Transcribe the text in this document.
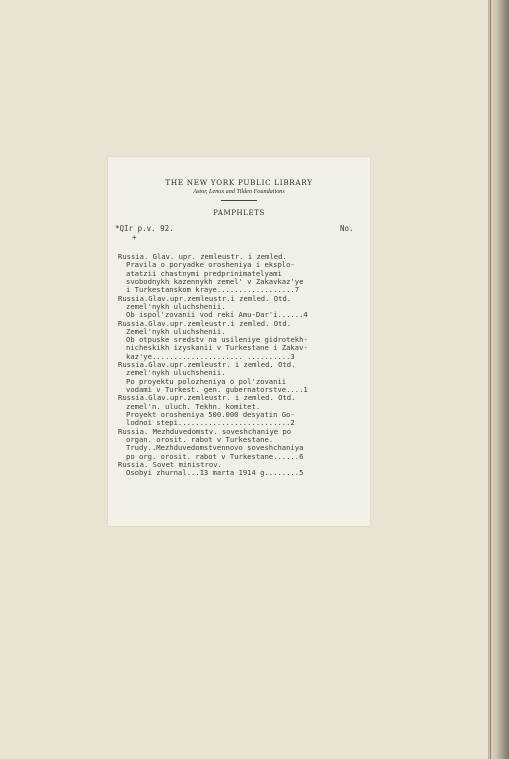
THE NEW YORK PUBLIC LIBRARY
Astor, Lenox and Tilden Foundations
PAMPHLETS
*QIr p.v. 92.
+
No.
Russia. Glav. upr. zemleustr. i zemled.
Pravila o poryadke orosheniya i eksplo-
atatzii chastnymi predprinimatelyami
svobodnykh kazennykh zemel' v Zakavkaz'ye
i Turkestanskom kraye..................7
Russia.Glav.upr.zemleustr.i zemled. Otd.
zemel'nykh uluchshenii.
Ob ispol'zovanii vod reki Amu-Dar'i......4
Russia.Glav.upr.zemleustr.i zemled. Otd.
Zemel'nykh uluchshenii.
Ob otpuske sredstv na usileniye gidrotekh-
nicheskikh izyskanii v Turkestane i Zakav-
kaz'ye..................... ..........3
Russia.Glav.upr.zemleustr. i zemled. Otd.
zemel'nykh uluchshenii.
Po proyektu polozheniya o pol'zovanii
vodami v Turkest. gen. gubernatorstve....1
Russia.Glav.upr.zemleustr. i zemled. Otd.
zemel'n. uluch. Tekhn. komitet.
Proyekt orosheniya 500.000 desyatin Go-
lodnoi stepi..........................2
Russia. Mezhduvedomstv. soveshchaniye po
organ. orosit. rabot v Turkestane.
Trudy..Mezhduvedomstvennovo soveshchaniya
po org. orosit. rabot v Turkestane......6
Russia. Sovet ministrov.
Osobyi zhurnal...13 marta 1914 g........5
